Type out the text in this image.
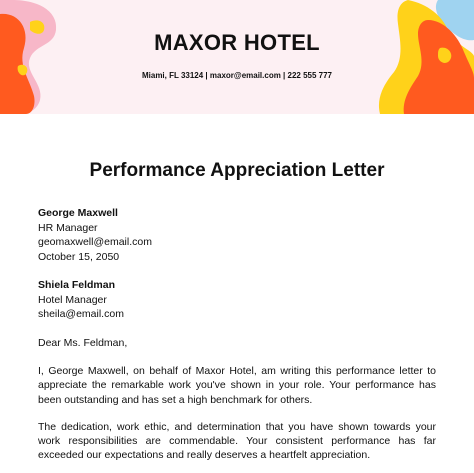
MAXOR HOTEL
Miami, FL 33124 | maxor@email.com | 222 555 777
Performance Appreciation Letter
George Maxwell
HR Manager
geomaxwell@email.com
October 15, 2050
Shiela Feldman
Hotel Manager
sheila@email.com
Dear Ms. Feldman,
I, George Maxwell, on behalf of Maxor Hotel, am writing this performance letter to appreciate the remarkable work you've shown in your role. Your performance has been outstanding and has set a high benchmark for others.
The dedication, work ethic, and determination that you have shown towards your work responsibilities are commendable. Your consistent performance has far exceeded our expectations and really deserves a heartfelt appreciation.
